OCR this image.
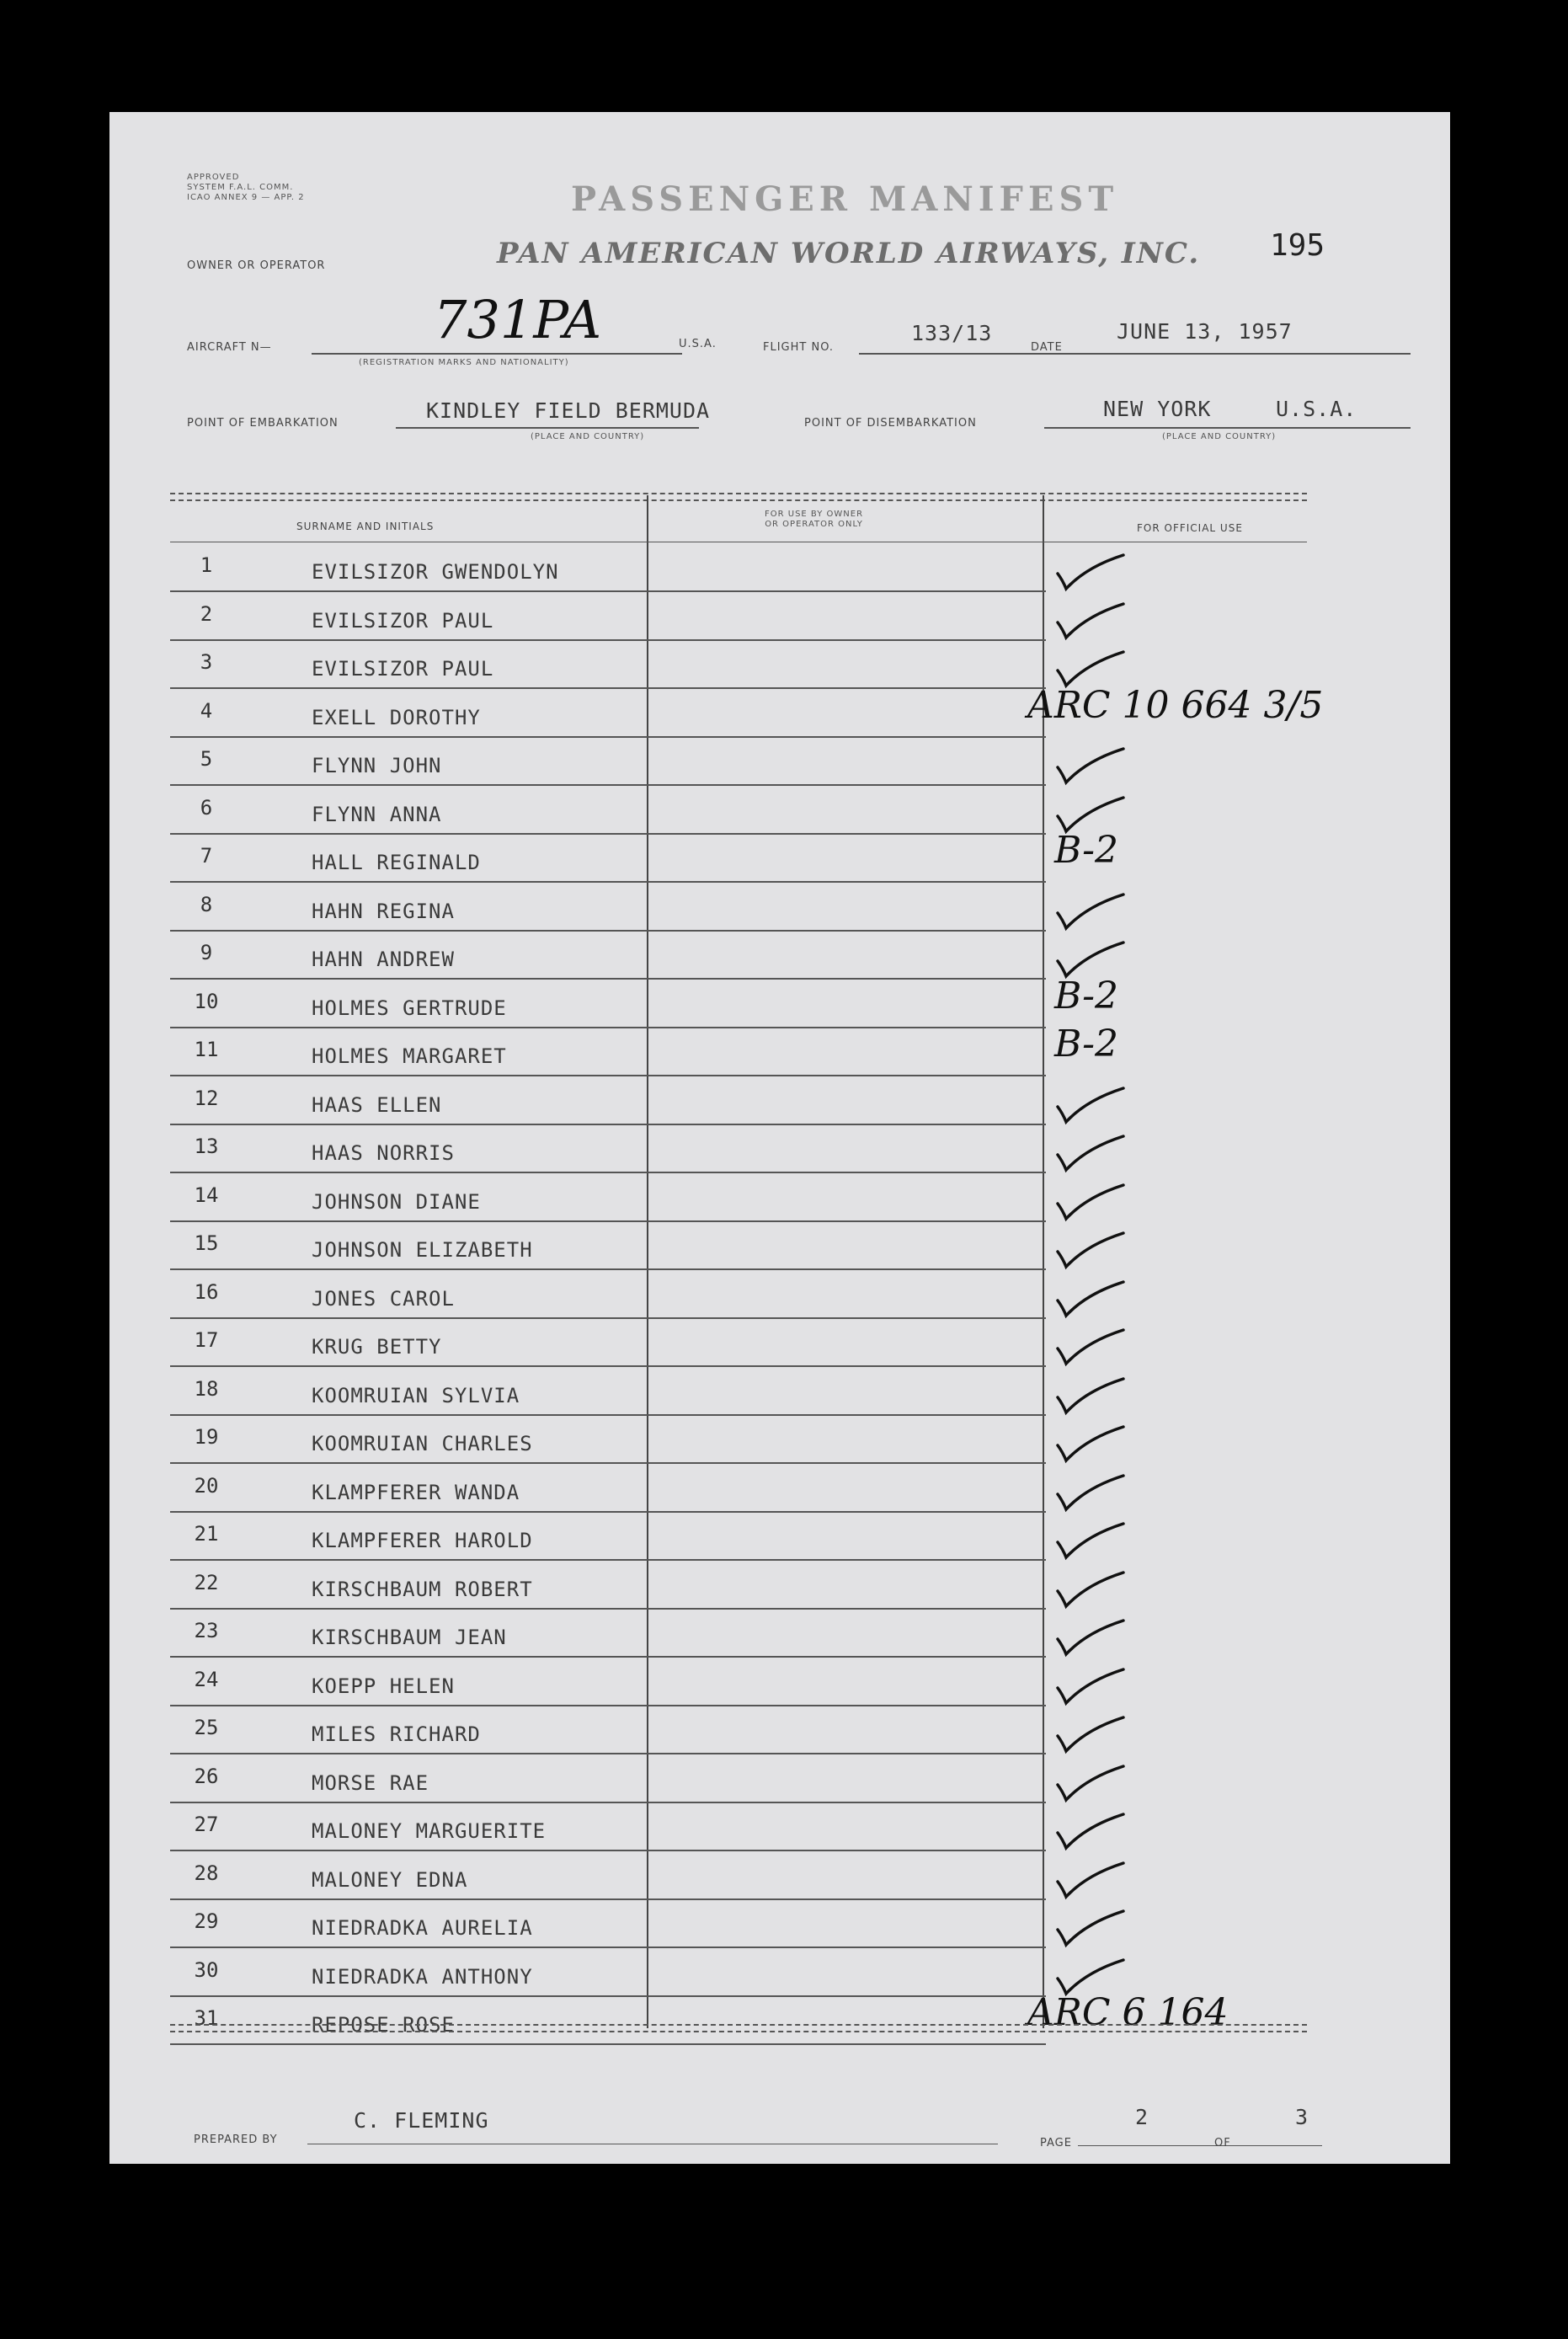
APPROVED
SYSTEM F.A.L. COMM.
ICAO ANNEX 9 — APP. 2	PASSENGER MANIFEST
OWNER OR OPERATOR	PAN AMERICAN WORLD AIRWAYS, INC. 195
AIRCRAFT N—	731PA
(REGISTRATION MARKS AND NATIONALITY)
U.S.A.	FLIGHT NO.
133/13
DATE
JUNE 13, 1957
POINT OF EMBARKATION
KINDLEY FIELD BERMUDA
(PLACE AND COUNTRY)
POINT OF DISEMBARKATION
NEW YORK	U.S.A.
(PLACE AND COUNTRY)
SURNAME AND INITIALS
FOR USE BY OWNER
OR OPERATOR ONLY	FOR OFFICIAL USE
1	EVILSIZOR GWENDOLYN
2	EVILSIZOR PAUL
3	EVILSIZOR PAUL
4	EXELL DOROTHY	ARC 10 664 3/5
5	FLYNN JOHN
6	FLYNN ANNA
7	HALL REGINALD	B-2
8	HAHN REGINA
9	HAHN ANDREW
10	HOLMES GERTRUDE	B-2
11	HOLMES MARGARET	B-2
12	HAAS ELLEN
13	HAAS NORRIS
14	JOHNSON DIANE
15	JOHNSON ELIZABETH
16	JONES CAROL
17	KRUG BETTY
18	KOOMRUIAN SYLVIA
19	KOOMRUIAN CHARLES
20	KLAMPFERER WANDA
21	KLAMPFERER HAROLD
22	KIRSCHBAUM ROBERT
23	KIRSCHBAUM JEAN
24	KOEPP HELEN
25	MILES RICHARD
26	MORSE RAE
27	MALONEY MARGUERITE
28	MALONEY EDNA
29	NIEDRADKA AURELIA
30	NIEDRADKA ANTHONY
31	REPOSE ROSE	ARC 6 164
PREPARED BY
C. FLEMING
PAGE
2
OF
3
